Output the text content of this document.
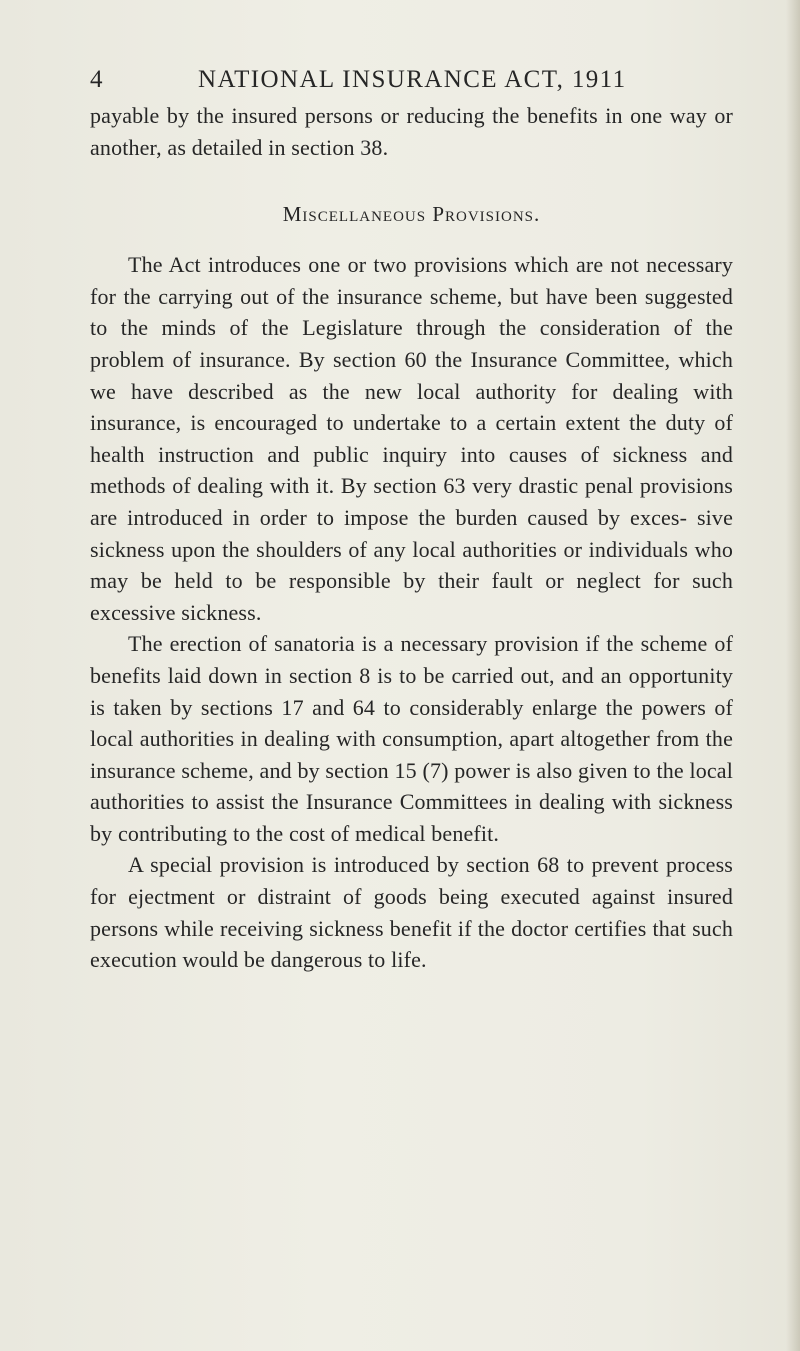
4	NATIONAL INSURANCE ACT, 1911

payable by the insured persons or reducing the benefits in one way or another, as detailed in section 38.

Miscellaneous Provisions.

The Act introduces one or two provisions which are not necessary for the carrying out of the insurance scheme, but have been suggested to the minds of the Legislature through the consideration of the problem of insurance. By section 60 the Insurance Committee, which we have described as the new local authority for dealing with insurance, is encouraged to undertake to a certain extent the duty of health instruction and public inquiry into causes of sickness and methods of dealing with it. By section 63 very drastic penal provisions are introduced in order to impose the burden caused by exces- sive sickness upon the shoulders of any local authorities or individuals who may be held to be responsible by their fault or neglect for such excessive sickness.

The erection of sanatoria is a necessary provision if the scheme of benefits laid down in section 8 is to be carried out, and an opportunity is taken by sections 17 and 64 to considerably enlarge the powers of local authorities in dealing with consumption, apart altogether from the insurance scheme, and by section 15 (7) power is also given to the local authorities to assist the Insurance Committees in dealing with sickness by contributing to the cost of medical benefit.

A special provision is introduced by section 68 to prevent process for ejectment or distraint of goods being executed against insured persons while receiving sickness benefit if the doctor certifies that such execution would be dangerous to life.
